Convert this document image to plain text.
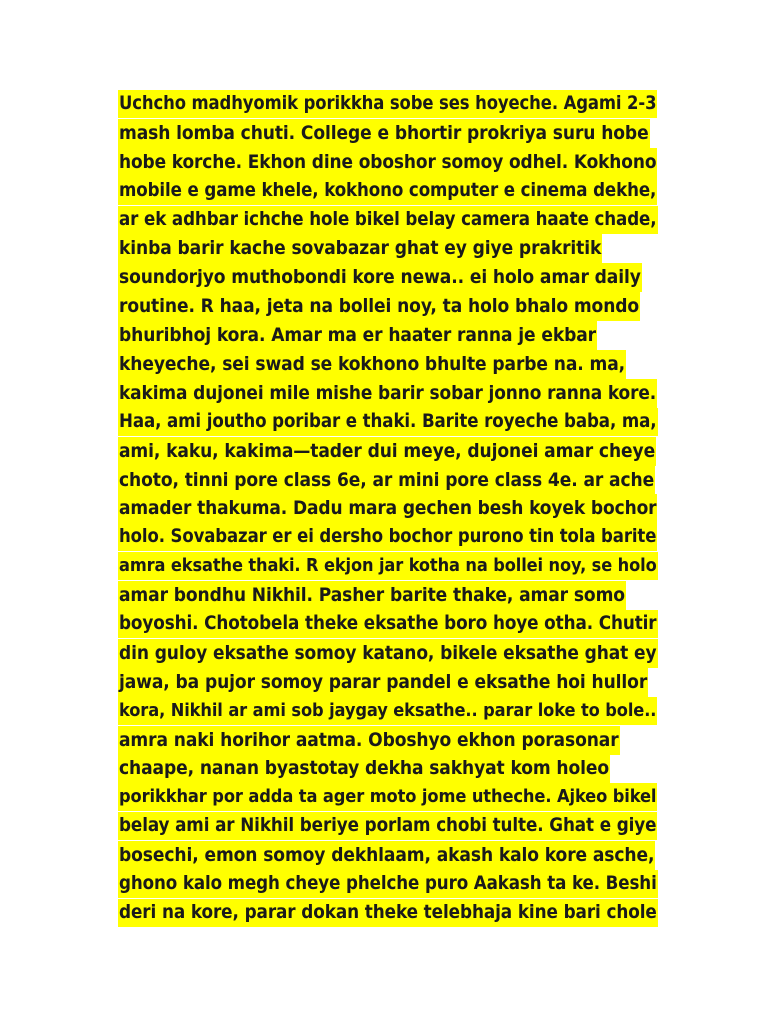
Uchcho madhyomik porikkha sobe ses hoyeche. Agami 2-3
mash lomba chuti. College e bhortir prokriya suru hobe
hobe korche. Ekhon dine oboshor somoy odhel. Kokhono
mobile e game khele, kokhono computer e cinema dekhe,
ar ek adhbar ichche hole bikel belay camera haate chade,
kinba barir kache sovabazar ghat ey giye prakritik
soundorjyo muthobondi kore newa.. ei holo amar daily
routine. R haa, jeta na bollei noy, ta holo bhalo mondo
bhuribhoj kora. Amar ma er haater ranna je ekbar
kheyeche, sei swad se kokhono bhulte parbe na. ma,
kakima dujonei mile mishe barir sobar jonno ranna kore.
Haa, ami joutho poribar e thaki. Barite royeche baba, ma,
ami, kaku, kakima—tader dui meye, dujonei amar cheye
choto, tinni pore class 6e, ar mini pore class 4e. ar ache
amader thakuma. Dadu mara gechen besh koyek bochor
holo. Sovabazar er ei dersho bochor purono tin tola barite
amra eksathe thaki. R ekjon jar kotha na bollei noy, se holo
amar bondhu Nikhil. Pasher barite thake, amar somo
boyoshi. Chotobela theke eksathe boro hoye otha. Chutir
din guloy eksathe somoy katano, bikele eksathe ghat ey
jawa, ba pujor somoy parar pandel e eksathe hoi hullor
kora, Nikhil ar ami sob jaygay eksathe.. parar loke to bole..
amra naki horihor aatma. Oboshyo ekhon porasonar
chaape, nanan byastotay dekha sakhyat kom holeo
porikkhar por adda ta ager moto jome utheche. Ajkeo bikel
belay ami ar Nikhil beriye porlam chobi tulte. Ghat e giye
bosechi, emon somoy dekhlaam, akash kalo kore asche,
ghono kalo megh cheye phelche puro Aakash ta ke. Beshi
deri na kore, parar dokan theke telebhaja kine bari chole
